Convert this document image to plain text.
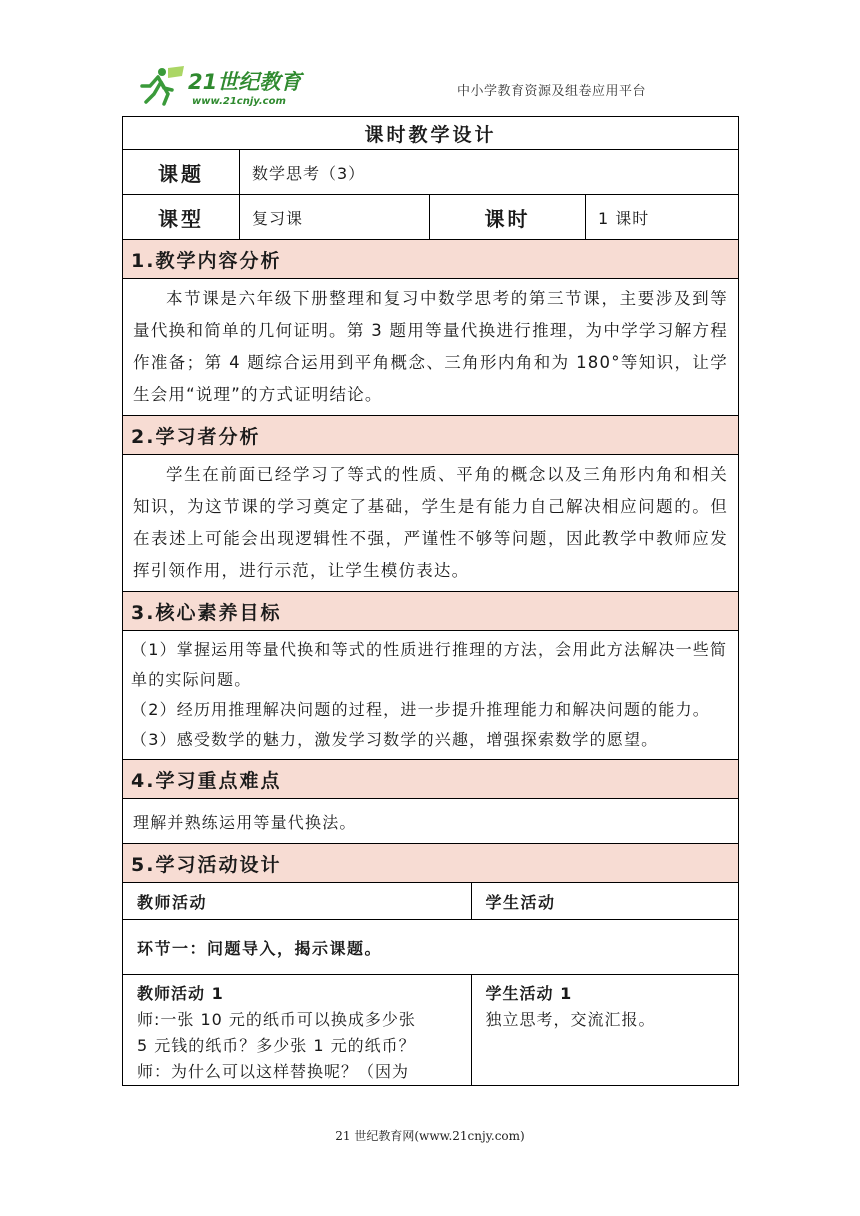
21世纪教育
www.21cnjy.com
中小学教育资源及组卷应用平台
课时教学设计
课题	数学思考（3）
课型	复习课	课时	1 课时
1.教学内容分析
本节课是六年级下册整理和复习中数学思考的第三节课，主要涉及到等量代换和简单的几何证明。第 3 题用等量代换进行推理，为中学学习解方程作准备；第 4 题综合运用到平角概念、三角形内角和为 180°等知识，让学生会用“说理”的方式证明结论。
2.学习者分析
学生在前面已经学习了等式的性质、平角的概念以及三角形内角和相关知识，为这节课的学习奠定了基础，学生是有能力自己解决相应问题的。但在表述上可能会出现逻辑性不强，严谨性不够等问题，因此教学中教师应发挥引领作用，进行示范，让学生模仿表达。
3.核心素养目标

（1）掌握运用等量代换和等式的性质进行推理的方法，会用此方法解决一些简单的实际问题。
（2）经历用推理解决问题的过程，进一步提升推理能力和解决问题的能力。
（3）感受数学的魅力，激发学习数学的兴趣，增强探索数学的愿望。

4.学习重点难点
理解并熟练运用等量代换法。
5.学习活动设计

教师活动	学生活动
环节一：问题导入，揭示课题。

教师活动 1
师:一张 10 元的纸币可以换成多少张
5 元钱的纸币？多少张 1 元的纸币？
师：为什么可以这样替换呢？（因为

学生活动 1
独立思考，交流汇报。
21 世纪教育网(www.21cnjy.com)
